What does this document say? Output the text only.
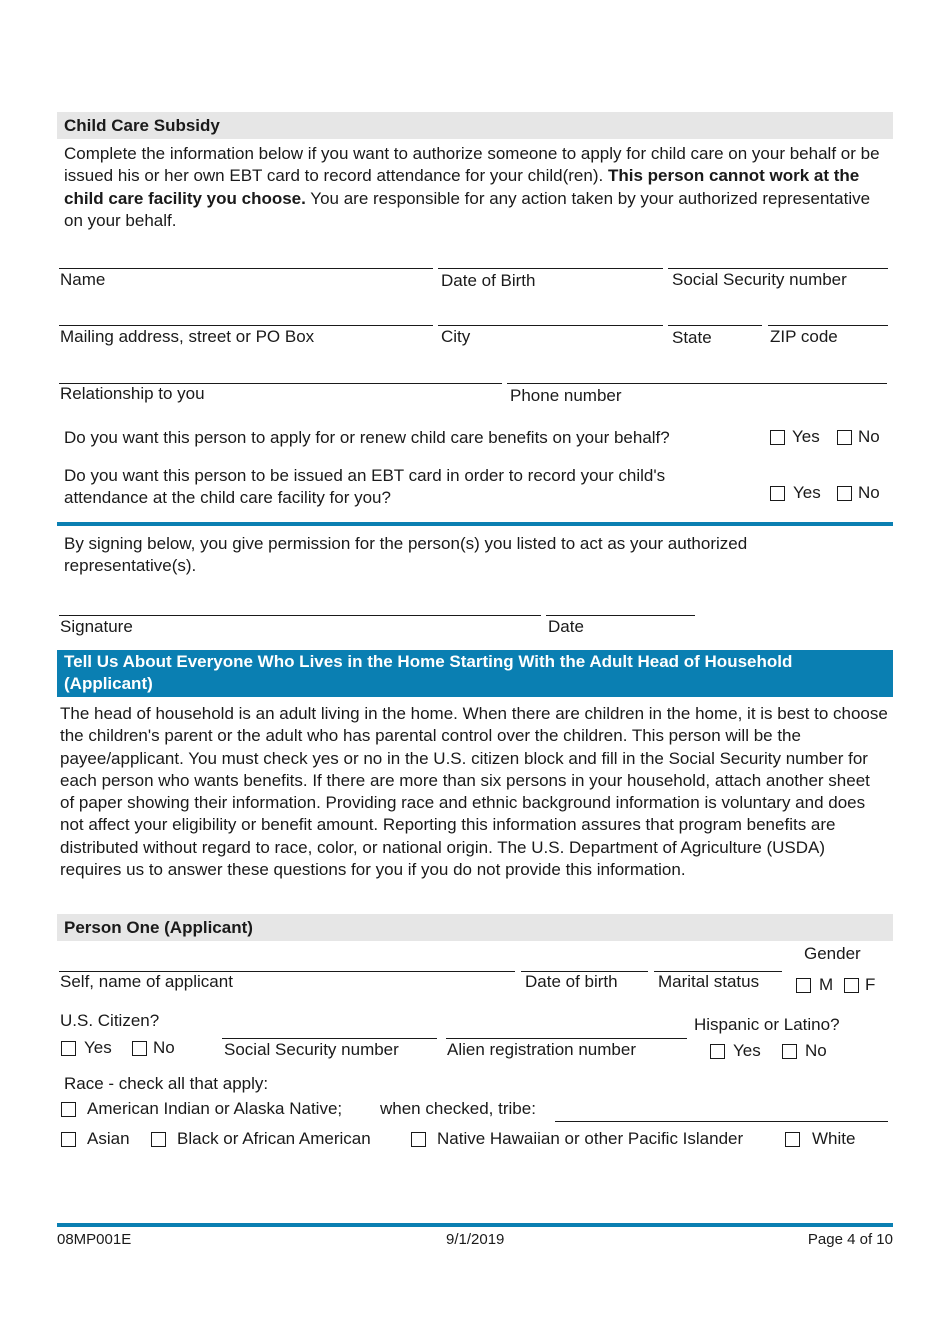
Child Care Subsidy
Complete the information below if you want to authorize someone to apply for child care on your behalf or be issued his or her own EBT card to record attendance for your child(ren). This person cannot work at the child care facility you choose. You are responsible for any action taken by your authorized representative on your behalf.
Name	Date of Birth	Social Security number
Mailing address, street or PO Box	City	State	ZIP code
Relationship to you	Phone number
Do you want this person to apply for or renew child care benefits on your behalf?	Yes No
Do you want this person to be issued an EBT card in order to record your child's attendance at the child care facility for you?	Yes No
By signing below, you give permission for the person(s) you listed to act as your authorized representative(s).
Signature	Date
Tell Us About Everyone Who Lives in the Home Starting With the Adult Head of Household (Applicant)
The head of household is an adult living in the home. When there are children in the home, it is best to choose the children's parent or the adult who has parental control over the children. This person will be the payee/applicant. You must check yes or no in the U.S. citizen block and fill in the Social Security number for each person who wants benefits. If there are more than six persons in your household, attach another sheet of paper showing their information. Providing race and ethnic background information is voluntary and does not affect your eligibility or benefit amount. Reporting this information assures that program benefits are distributed without regard to race, color, or national origin. The U.S. Department of Agriculture (USDA) requires us to answer these questions for you if you do not provide this information.
Person One (Applicant)
Gender
Self, name of applicant	Date of birth Marital status	M F
U.S. Citizen?
Yes No	Social Security number	Alien registration number
Hispanic or Latino?
Yes	No
Race - check all that apply:
American Indian or Alaska Native; when checked, tribe:
Asian	Black or African American	Native Hawaiian or other Pacific Islander	White
08MP001E	9/1/2019	Page 4 of 10
